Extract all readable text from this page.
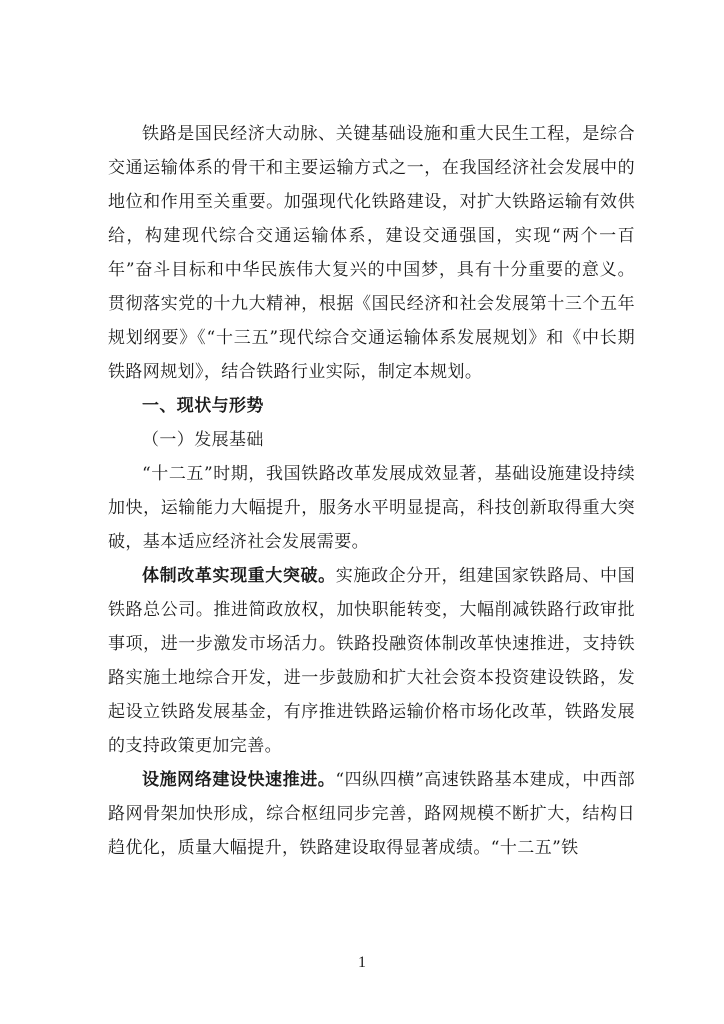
铁路是国民经济大动脉、关键基础设施和重大民生工程，是综合交通运输体系的骨干和主要运输方式之一，在我国经济社会发展中的地位和作用至关重要。加强现代化铁路建设，对扩大铁路运输有效供给，构建现代综合交通运输体系，建设交通强国，实现“两个一百年”奋斗目标和中华民族伟大复兴的中国梦，具有十分重要的意义。贯彻落实党的十九大精神，根据《国民经济和社会发展第十三个五年规划纲要》《“十三五”现代综合交通运输体系发展规划》和《中长期铁路网规划》，结合铁路行业实际，制定本规划。

一、现状与形势

（一）发展基础

“十二五”时期，我国铁路改革发展成效显著，基础设施建设持续加快，运输能力大幅提升，服务水平明显提高，科技创新取得重大突破，基本适应经济社会发展需要。

体制改革实现重大突破。实施政企分开，组建国家铁路局、中国铁路总公司。推进简政放权，加快职能转变，大幅削减铁路行政审批事项，进一步激发市场活力。铁路投融资体制改革快速推进，支持铁路实施土地综合开发，进一步鼓励和扩大社会资本投资建设铁路，发起设立铁路发展基金，有序推进铁路运输价格市场化改革，铁路发展的支持政策更加完善。

设施网络建设快速推进。“四纵四横”高速铁路基本建成，中西部路网骨架加快形成，综合枢纽同步完善，路网规模不断扩大，结构日趋优化，质量大幅提升，铁路建设取得显著成绩。“十二五”铁

1
